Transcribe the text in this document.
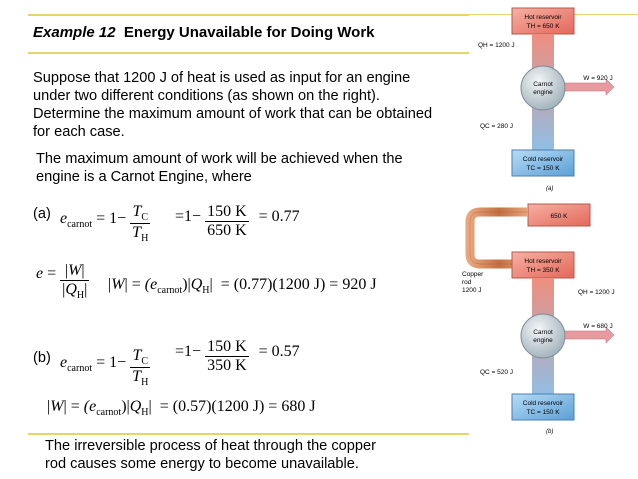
Example 12 Energy Unavailable for Doing Work
Suppose that 1200 J of heat is used as input for an engine
under two different conditions (as shown on the right).
Determine the maximum amount of work that can be obtained
for each case.
The maximum amount of work will be achieved when the
engine is a Carnot Engine, where
(a) $e_{carnot} = 1- \frac{T_C}{T_H} =1- \frac{150 K}{650 K} = 0.77$
$e = \frac{|W|}{|Q_H|} |W| = (e_{carnot})|Q_H| = (0.77)(1200$ J) = 920 J
(b) $e_{carnot} = 1- \frac{T_C}{T_H} =1- \frac{150 K}{350 K} = 0.57$
$|W| = (e_{carnot})|Q_H| = (0.57)(1200$ J) = 680 J
The irreversible process of heat through the copper
rod causes some energy to become unavailable.
Hot reservoir
TH = 650 K
QH = 1200 J
Carnot
engine
W = 920 J
QC = 280 J
Cold reservoir
TC = 150 K
(a)
650 K
Copper
rod
1200 J
Hot reservoir
TH = 350 K
QH = 1200 J
Carnot
engine
W = 680 J
QC = 520 J
Cold reservoir
TC = 150 K
(b)
